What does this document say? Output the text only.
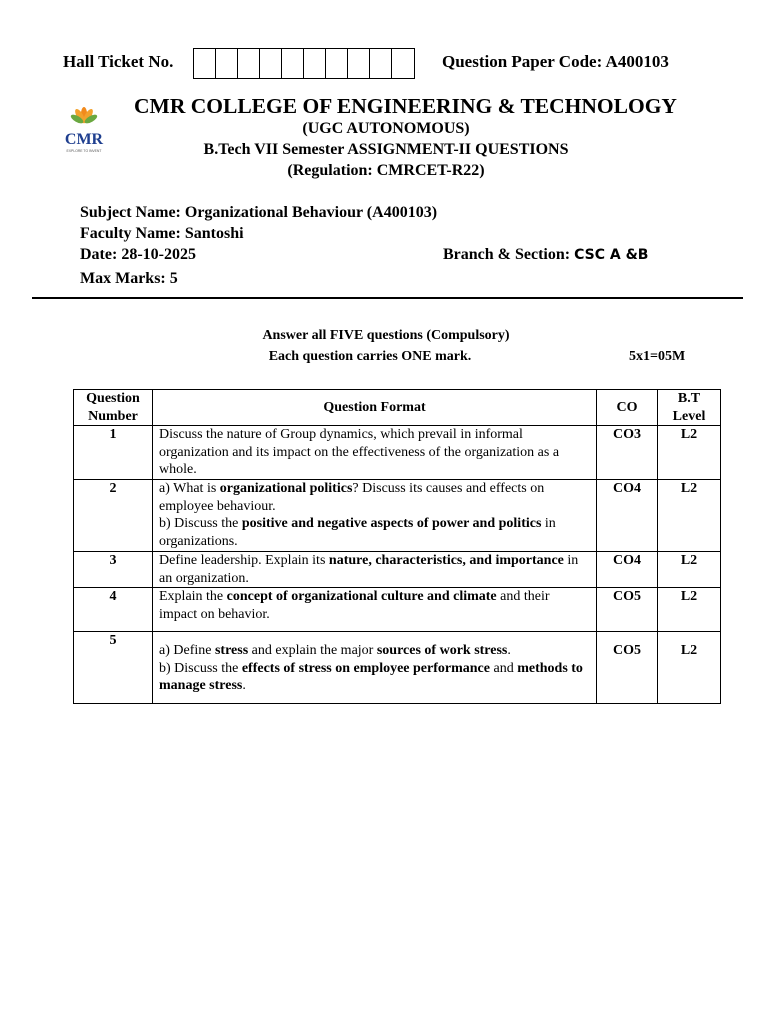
Hall Ticket No.	Question Paper Code: A400103
CMR
EXPLORE TO INVENT
CMR COLLEGE OF ENGINEERING & TECHNOLOGY
(UGC AUTONOMOUS)
B.Tech VII Semester ASSIGNMENT-II QUESTIONS
(Regulation: CMRCET-R22)
Subject Name: Organizational Behaviour (A400103)
Faculty Name: Santoshi
Date: 28-10-2025
Max Marks: 5
Branch & Section: CSC A &B
Answer all FIVE questions (Compulsory)
Each question carries ONE mark.	5x1=05M
Question Number	Question Format	CO	B.T Level
1	Discuss the nature of Group dynamics, which prevail in informal organization and its impact on the effectiveness of the organization as a whole.	CO3	L2
2	a) What is organizational politics? Discuss its causes and effects on employee behaviour.
b) Discuss the positive and negative aspects of power and politics in organizations.	CO4	L2
3	Define leadership. Explain its nature, characteristics, and importance in an organization.	CO4	L2
4	Explain the concept of organizational culture and climate and their impact on behavior.	CO5	L2
5	a) Define stress and explain the major sources of work stress.
b) Discuss the effects of stress on employee performance and methods to manage stress.	CO5	L2
